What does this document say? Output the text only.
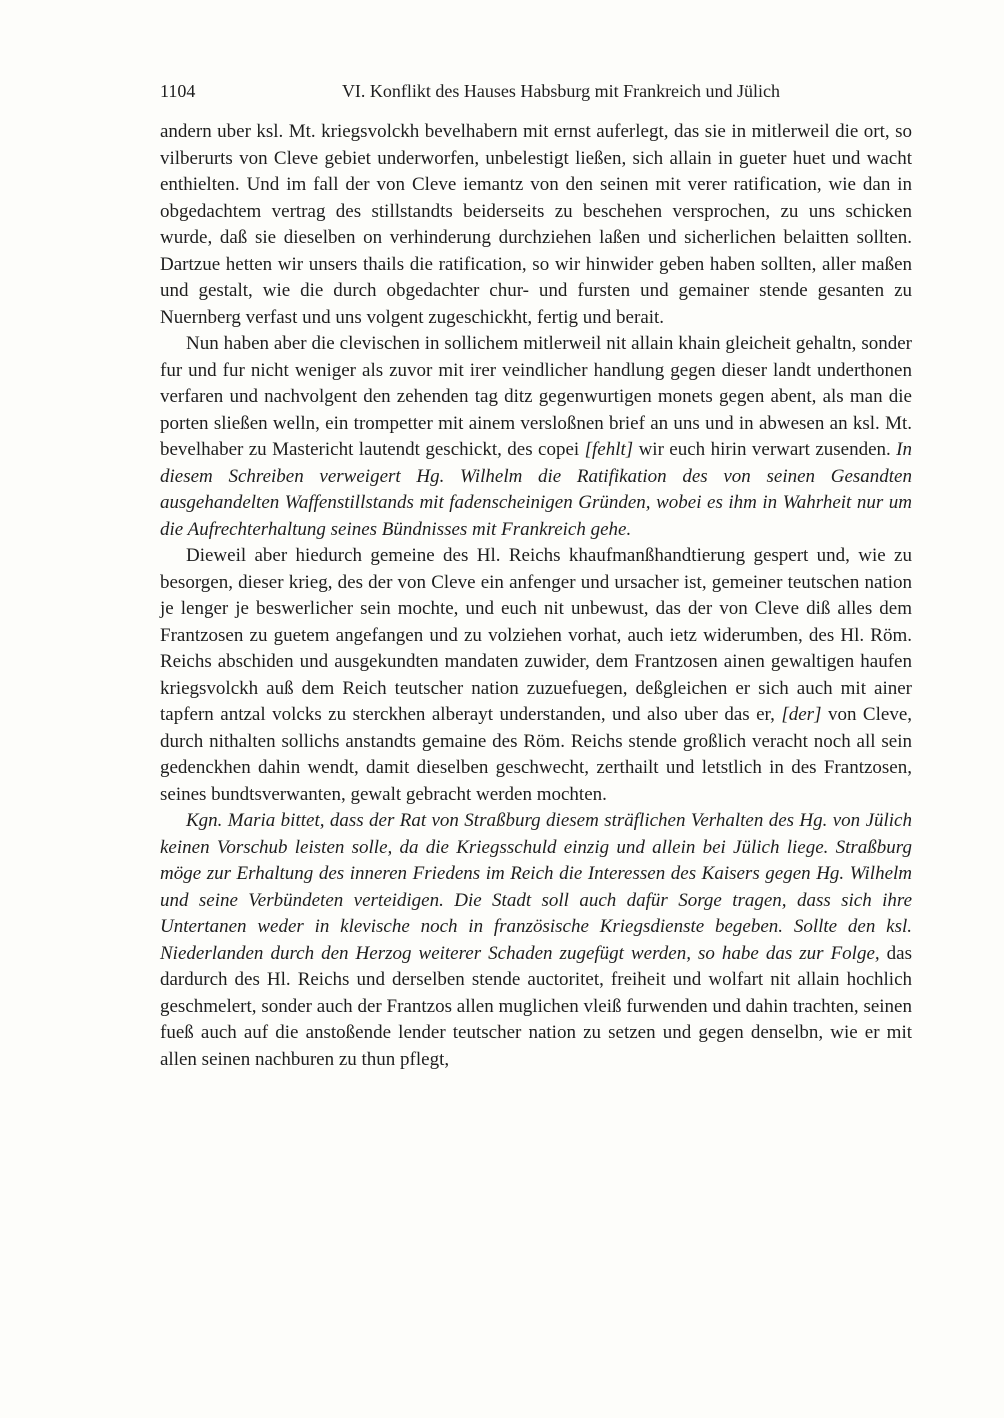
1104	VI. Konflikt des Hauses Habsburg mit Frankreich und Jülich

andern uber ksl. Mt. kriegsvolckh bevelhabern mit ernst auferlegt, das sie in mitlerweil die ort, so vilberurts von Cleve gebiet underworfen, unbelestigt ließen, sich allain in gueter huet und wacht enthielten. Und im fall der von Cleve iemantz von den seinen mit verer ratification, wie dan in obgedachtem vertrag des stillstandts beiderseits zu beschehen versprochen, zu uns schicken wurde, daß sie dieselben on verhinderung durchziehen laßen und sicherlichen belaitten sollten. Dartzue hetten wir unsers thails die ratification, so wir hinwider geben haben sollten, aller maßen und gestalt, wie die durch obgedachter chur- und fursten und gemainer stende gesanten zu Nuernberg verfast und uns volgent zugeschickht, fertig und berait.

Nun haben aber die clevischen in sollichem mitlerweil nit allain khain gleicheit gehaltn, sonder fur und fur nicht weniger als zuvor mit irer veindlicher handlung gegen dieser landt underthonen verfaren und nachvolgent den zehenden tag ditz gegenwurtigen monets gegen abent, als man die porten sließen welln, ein trompetter mit ainem versloßnen brief an uns und in abwesen an ksl. Mt. bevelhaber zu Mastericht lautendt geschickt, des copei [fehlt] wir euch hirin verwart zusenden. In diesem Schreiben verweigert Hg. Wilhelm die Ratifikation des von seinen Gesandten ausgehandelten Waffenstillstands mit fadenscheinigen Gründen, wobei es ihm in Wahrheit nur um die Aufrechterhaltung seines Bündnisses mit Frankreich gehe.

Dieweil aber hiedurch gemeine des Hl. Reichs khaufmanßhandtierung gespert und, wie zu besorgen, dieser krieg, des der von Cleve ein anfenger und ursacher ist, gemeiner teutschen nation je lenger je beswerlicher sein mochte, und euch nit unbewust, das der von Cleve diß alles dem Frantzosen zu guetem angefangen und zu volziehen vorhat, auch ietz widerumben, des Hl. Röm. Reichs abschiden und ausgekundten mandaten zuwider, dem Frantzosen ainen gewaltigen haufen kriegsvolckh auß dem Reich teutscher nation zuzuefuegen, deßgleichen er sich auch mit ainer tapfern antzal volcks zu sterckhen alberayt understanden, und also uber das er, [der] von Cleve, durch nithalten sollichs anstandts gemaine des Röm. Reichs stende großlich veracht noch all sein gedenckhen dahin wendt, damit dieselben geschwecht, zerthailt und letstlich in des Frantzosen, seines bundtsverwanten, gewalt gebracht werden mochten.

Kgn. Maria bittet, dass der Rat von Straßburg diesem sträflichen Verhalten des Hg. von Jülich keinen Vorschub leisten solle, da die Kriegsschuld einzig und allein bei Jülich liege. Straßburg möge zur Erhaltung des inneren Friedens im Reich die Interessen des Kaisers gegen Hg. Wilhelm und seine Verbündeten verteidigen. Die Stadt soll auch dafür Sorge tragen, dass sich ihre Untertanen weder in klevische noch in französische Kriegsdienste begeben. Sollte den ksl. Niederlanden durch den Herzog weiterer Schaden zugefügt werden, so habe das zur Folge, das dardurch des Hl. Reichs und derselben stende auctoritet, freiheit und wolfart nit allain hochlich geschmelert, sonder auch der Frantzos allen muglichen vleiß furwenden und dahin trachten, seinen fueß auch auf die anstoßende lender teutscher nation zu setzen und gegen denselbn, wie er mit allen seinen nachburen zu thun pflegt,
